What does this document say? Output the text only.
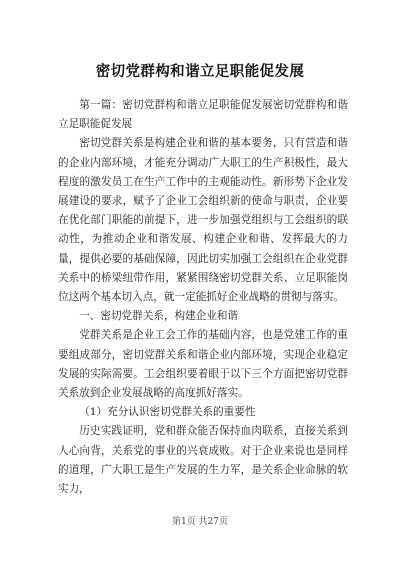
密切党群构和谐立足职能促发展

第一篇：密切党群构和谐立足职能促发展密切党群构和谐立足职能促发展

密切党群关系是构建企业和谐的基本要务，只有营造和谐的企业内部环境，才能充分调动广大职工的生产积极性，最大程度的激发员工在生产工作中的主观能动性。新形势下企业发展建设的要求，赋予了企业工会组织新的使命与职责，企业要在优化部门职能的前提下，进一步加强党组织与工会组织的联动性，为推动企业和谐发展、构建企业和谐、发挥最大的力量，提供必要的基础保障，因此切实加强工会组织在企业党群关系中的桥梁纽带作用，紧紧围绕密切党群关系、立足职能岗位这两个基本切入点，就一定能抓好企业战略的贯彻与落实。

一、密切党群关系，构建企业和谐

党群关系是企业工会工作的基础内容，也是党建工作的重要组成部分，密切党群关系和谐企业内部环境，实现企业稳定发展的实际需要。工会组织要着眼于以下三个方面把密切党群关系放到企业发展战略的高度抓好落实。

（1）充分认识密切党群关系的重要性

历史实践证明，党和群众能否保持血肉联系，直接关系到人心向背，关系党的事业的兴衰成败。对于企业来说也是同样的道理，广大职工是生产发展的生力军，是关系企业命脉的软实力，

第1页 共27页
